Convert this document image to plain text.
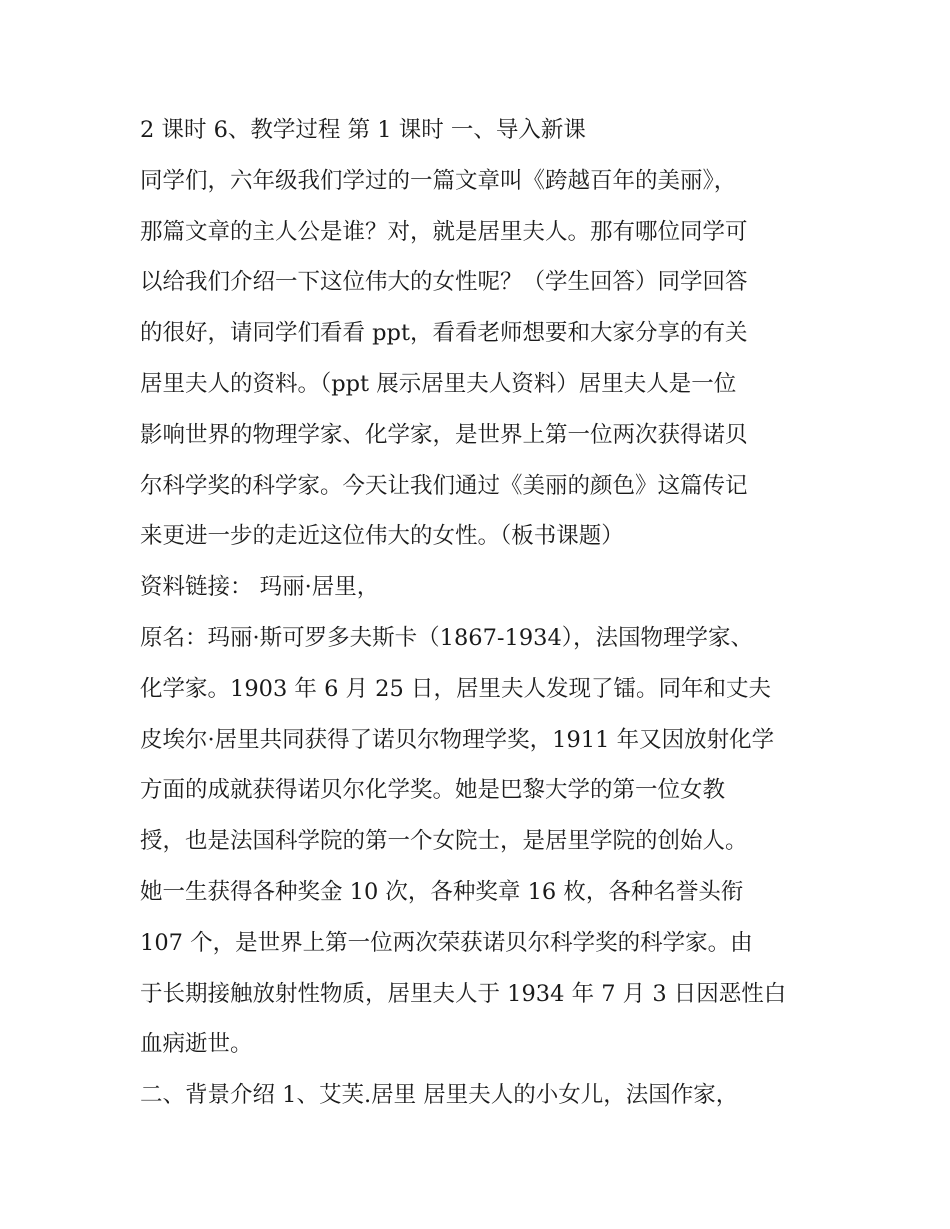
2 课时 6、教学过程 第 1 课时 一、导入新课
同学们，六年级我们学过的一篇文章叫《跨越百年的美丽》，
那篇文章的主人公是谁？对，就是居里夫人。那有哪位同学可
以给我们介绍一下这位伟大的女性呢？（学生回答）同学回答
的很好，请同学们看看 ppt，看看老师想要和大家分享的有关
居里夫人的资料。（ppt 展示居里夫人资料）居里夫人是一位
影响世界的物理学家、化学家，是世界上第一位两次获得诺贝
尔科学奖的科学家。今天让我们通过《美丽的颜色》这篇传记
来更进一步的走近这位伟大的女性。（板书课题）
资料链接： 玛丽·居里，
原名：玛丽·斯可罗多夫斯卡（1867-1934），法国物理学家、
化学家。1903 年 6 月 25 日，居里夫人发现了镭。同年和丈夫
皮埃尔·居里共同获得了诺贝尔物理学奖，1911 年又因放射化学
方面的成就获得诺贝尔化学奖。她是巴黎大学的第一位女教
授，也是法国科学院的第一个女院士，是居里学院的创始人。
她一生获得各种奖金 10 次，各种奖章 16 枚，各种名誉头衔
107 个，是世界上第一位两次荣获诺贝尔科学奖的科学家。由
于长期接触放射性物质，居里夫人于 1934 年 7 月 3 日因恶性白
血病逝世。
二、背景介绍 1、艾芙.居里 居里夫人的小女儿，法国作家，
